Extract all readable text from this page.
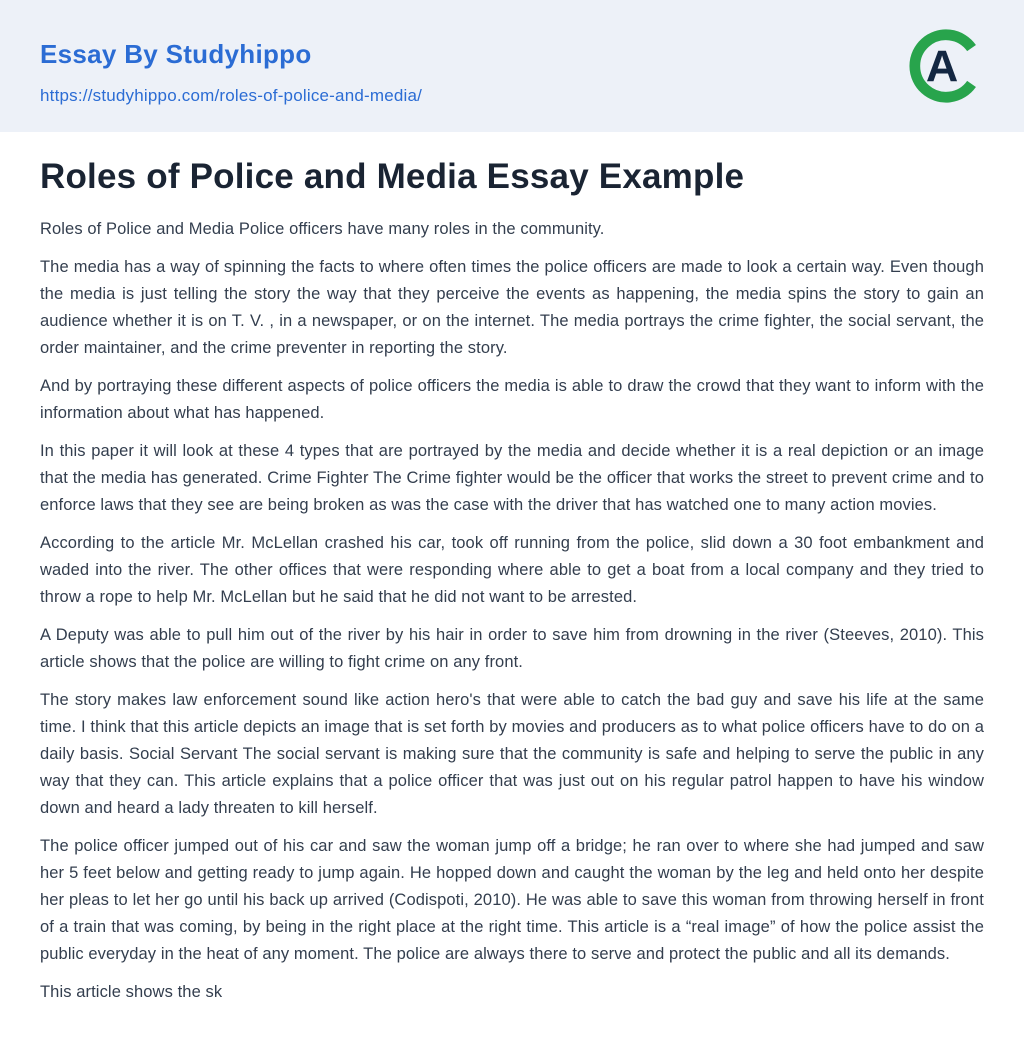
Essay By Studyhippo
https://studyhippo.com/roles-of-police-and-media/
A
Roles of Police and Media Essay Example

Roles of Police and Media Police officers have many roles in the community.

The media has a way of spinning the facts to where often times the police officers are made to look a certain way. Even though the media is just telling the story the way that they perceive the events as happening, the media spins the story to gain an audience whether it is on T. V. , in a newspaper, or on the internet. The media portrays the crime fighter, the social servant, the order maintainer, and the crime preventer in reporting the story.

And by portraying these different aspects of police officers the media is able to draw the crowd that they want to inform with the information about what has happened.

In this paper it will look at these 4 types that are portrayed by the media and decide whether it is a real depiction or an image that the media has generated. Crime Fighter The Crime fighter would be the officer that works the street to prevent crime and to enforce laws that they see are being broken as was the case with the driver that has watched one to many action movies.

According to the article Mr. McLellan crashed his car, took off running from the police, slid down a 30 foot embankment and waded into the river. The other offices that were responding where able to get a boat from a local company and they tried to throw a rope to help Mr. McLellan but he said that he did not want to be arrested.

A Deputy was able to pull him out of the river by his hair in order to save him from drowning in the river (Steeves, 2010). This article shows that the police are willing to fight crime on any front.

The story makes law enforcement sound like action hero's that were able to catch the bad guy and save his life at the same time. I think that this article depicts an image that is set forth by movies and producers as to what police officers have to do on a daily basis. Social Servant The social servant is making sure that the community is safe and helping to serve the public in any way that they can. This article explains that a police officer that was just out on his regular patrol happen to have his window down and heard a lady threaten to kill herself.

The police officer jumped out of his car and saw the woman jump off a bridge; he ran over to where she had jumped and saw her 5 feet below and getting ready to jump again. He hopped down and caught the woman by the leg and held onto her despite her pleas to let her go until his back up arrived (Codispoti, 2010). He was able to save this woman from throwing herself in front of a train that was coming, by being in the right place at the right time. This article is a “real image” of how the police assist the public everyday in the heat of any moment. The police are always there to serve and protect the public and all its demands.

This article shows the sk
